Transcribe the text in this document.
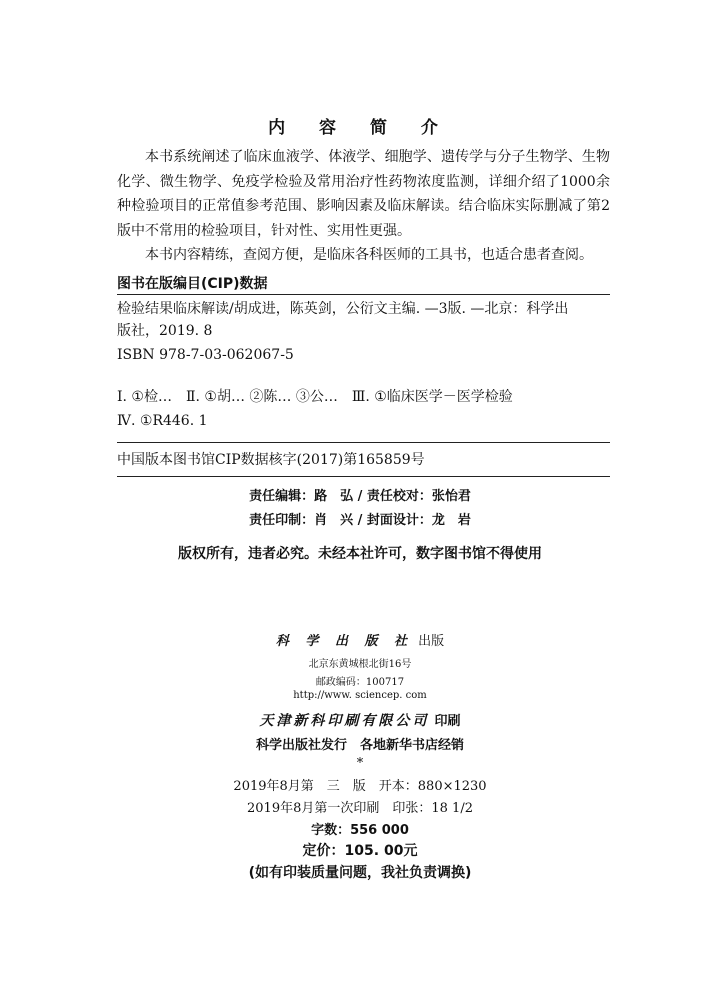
内 容 简 介

本书系统阐述了临床血液学、体液学、细胞学、遗传学与分子生物学、生物化学、微生物学、免疫学检验及常用治疗性药物浓度监测，详细介绍了1000余种检验项目的正常值参考范围、影响因素及临床解读。结合临床实际删减了第2版中不常用的检验项目，针对性、实用性更强。

本书内容精练，查阅方便，是临床各科医师的工具书，也适合患者查阅。

图书在版编目(CIP)数据
检验结果临床解读/胡成进，陈英剑，公衍文主编. —3版. —北京：科学出
版社，2019. 8
ISBN 978-7-03-062067-5
Ⅰ. ①检…　Ⅱ. ①胡… ②陈… ③公…　Ⅲ. ①临床医学－医学检验
Ⅳ. ①R446. 1
中国版本图书馆CIP数据核字(2017)第165859号
责任编辑：路　弘 / 责任校对：张怡君
责任印制：肖　兴 / 封面设计：龙　岩
版权所有，违者必究。未经本社许可，数字图书馆不得使用
科 学 出 版 社 出版
北京东黄城根北街16号
邮政编码：100717
http://www. sciencep. com
天津新科印刷有限公司 印刷
科学出版社发行　各地新华书店经销
*
2019年8月第　三　版　开本：880×1230
2019年8月第一次印刷　印张：18 1/2
字数：556 000
定价：105. 00元
(如有印装质量问题，我社负责调换)
